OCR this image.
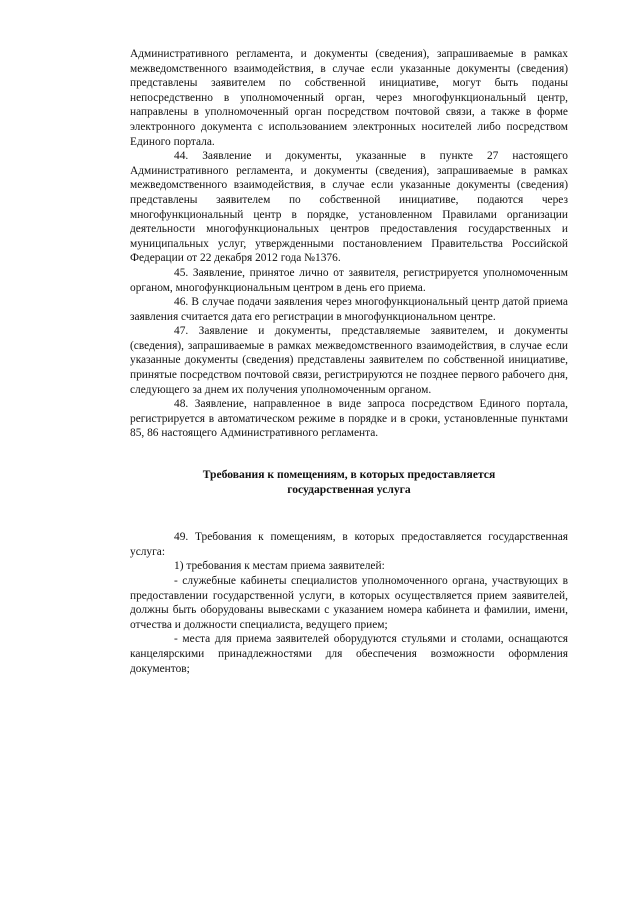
Административного регламента, и документы (сведения), запрашиваемые в рамках межведомственного взаимодействия, в случае если указанные документы (сведения) представлены заявителем по собственной инициативе, могут быть поданы непосредственно в уполномоченный орган, через многофункциональный центр, направлены в уполномоченный орган посредством почтовой связи, а также в форме электронного документа с использованием электронных носителей либо посредством Единого портала.

44. Заявление и документы, указанные в пункте 27 настоящего Административного регламента, и документы (сведения), запрашиваемые в рамках межведомственного взаимодействия, в случае если указанные документы (сведения) представлены заявителем по собственной инициативе, подаются через многофункциональный центр в порядке, установленном Правилами организации деятельности многофункциональных центров предоставления государственных и муниципальных услуг, утвержденными постановлением Правительства Российской Федерации от 22 декабря 2012 года №1376.

45. Заявление, принятое лично от заявителя, регистрируется уполномоченным органом, многофункциональным центром в день его приема.

46. В случае подачи заявления через многофункциональный центр датой приема заявления считается дата его регистрации в многофункциональном центре.

47. Заявление и документы, представляемые заявителем, и документы (сведения), запрашиваемые в рамках межведомственного взаимодействия, в случае если указанные документы (сведения) представлены заявителем по собственной инициативе, принятые посредством почтовой связи, регистрируются не позднее первого рабочего дня, следующего за днем их получения уполномоченным органом.

48. Заявление, направленное в виде запроса посредством Единого портала, регистрируется в автоматическом режиме в порядке и в сроки, установленные пунктами 85, 86 настоящего Административного регламента.

Требования к помещениям, в которых предоставляется государственная услуга

49. Требования к помещениям, в которых предоставляется государственная услуга:

1) требования к местам приема заявителей:

- служебные кабинеты специалистов уполномоченного органа, участвующих в предоставлении государственной услуги, в которых осуществляется прием заявителей, должны быть оборудованы вывесками с указанием номера кабинета и фамилии, имени, отчества и должности специалиста, ведущего прием;

- места для приема заявителей оборудуются стульями и столами, оснащаются канцелярскими принадлежностями для обеспечения возможности оформления документов;
